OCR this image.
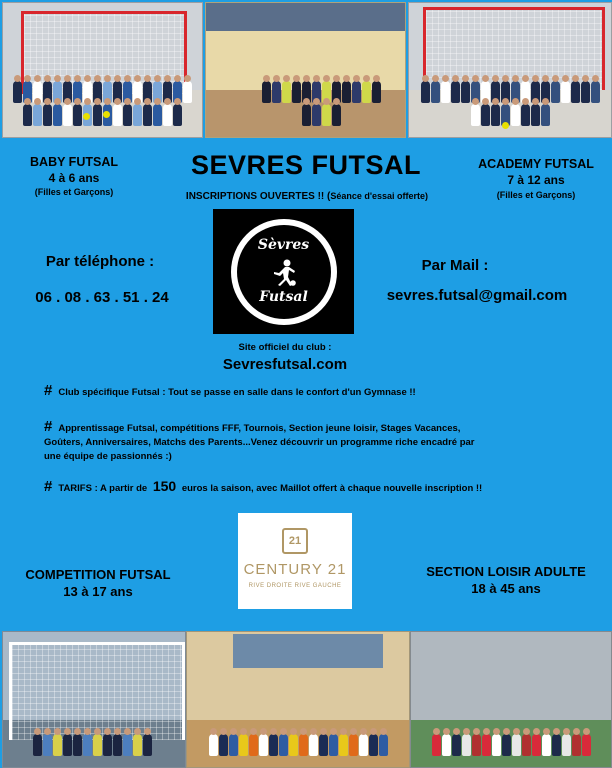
SEVRES FUTSAL
INSCRIPTIONS OUVERTES !! (Séance d'essai offerte)
BABY FUTSAL
4 à 6 ans
(Filles et Garçons)
ACADEMY FUTSAL
7 à 12 ans
(Filles et Garçons)
Par téléphone :
06 . 08 . 63 . 51 . 24
Par Mail :
sevres.futsal@gmail.com
Sèvres
Futsal
Site officiel du club :
Sevresfutsal.com
# Club spécifique Futsal : Tout se passe en salle dans le confort d'un Gymnase !!
# Apprentissage Futsal, compétitions FFF, Tournois, Section jeune loisir, Stages Vacances,
Goûters, Anniversaires, Matchs des Parents...Venez découvrir un programme riche encadré par
une équipe de passionnés :)
# TARIFS : A partir de 150 euros la saison, avec Maillot offert à chaque nouvelle inscription !!
21
CENTURY 21
RIVE DROITE RIVE GAUCHE
COMPETITION FUTSAL
13 à 17 ans
SECTION LOISIR ADULTE
18 à 45 ans
